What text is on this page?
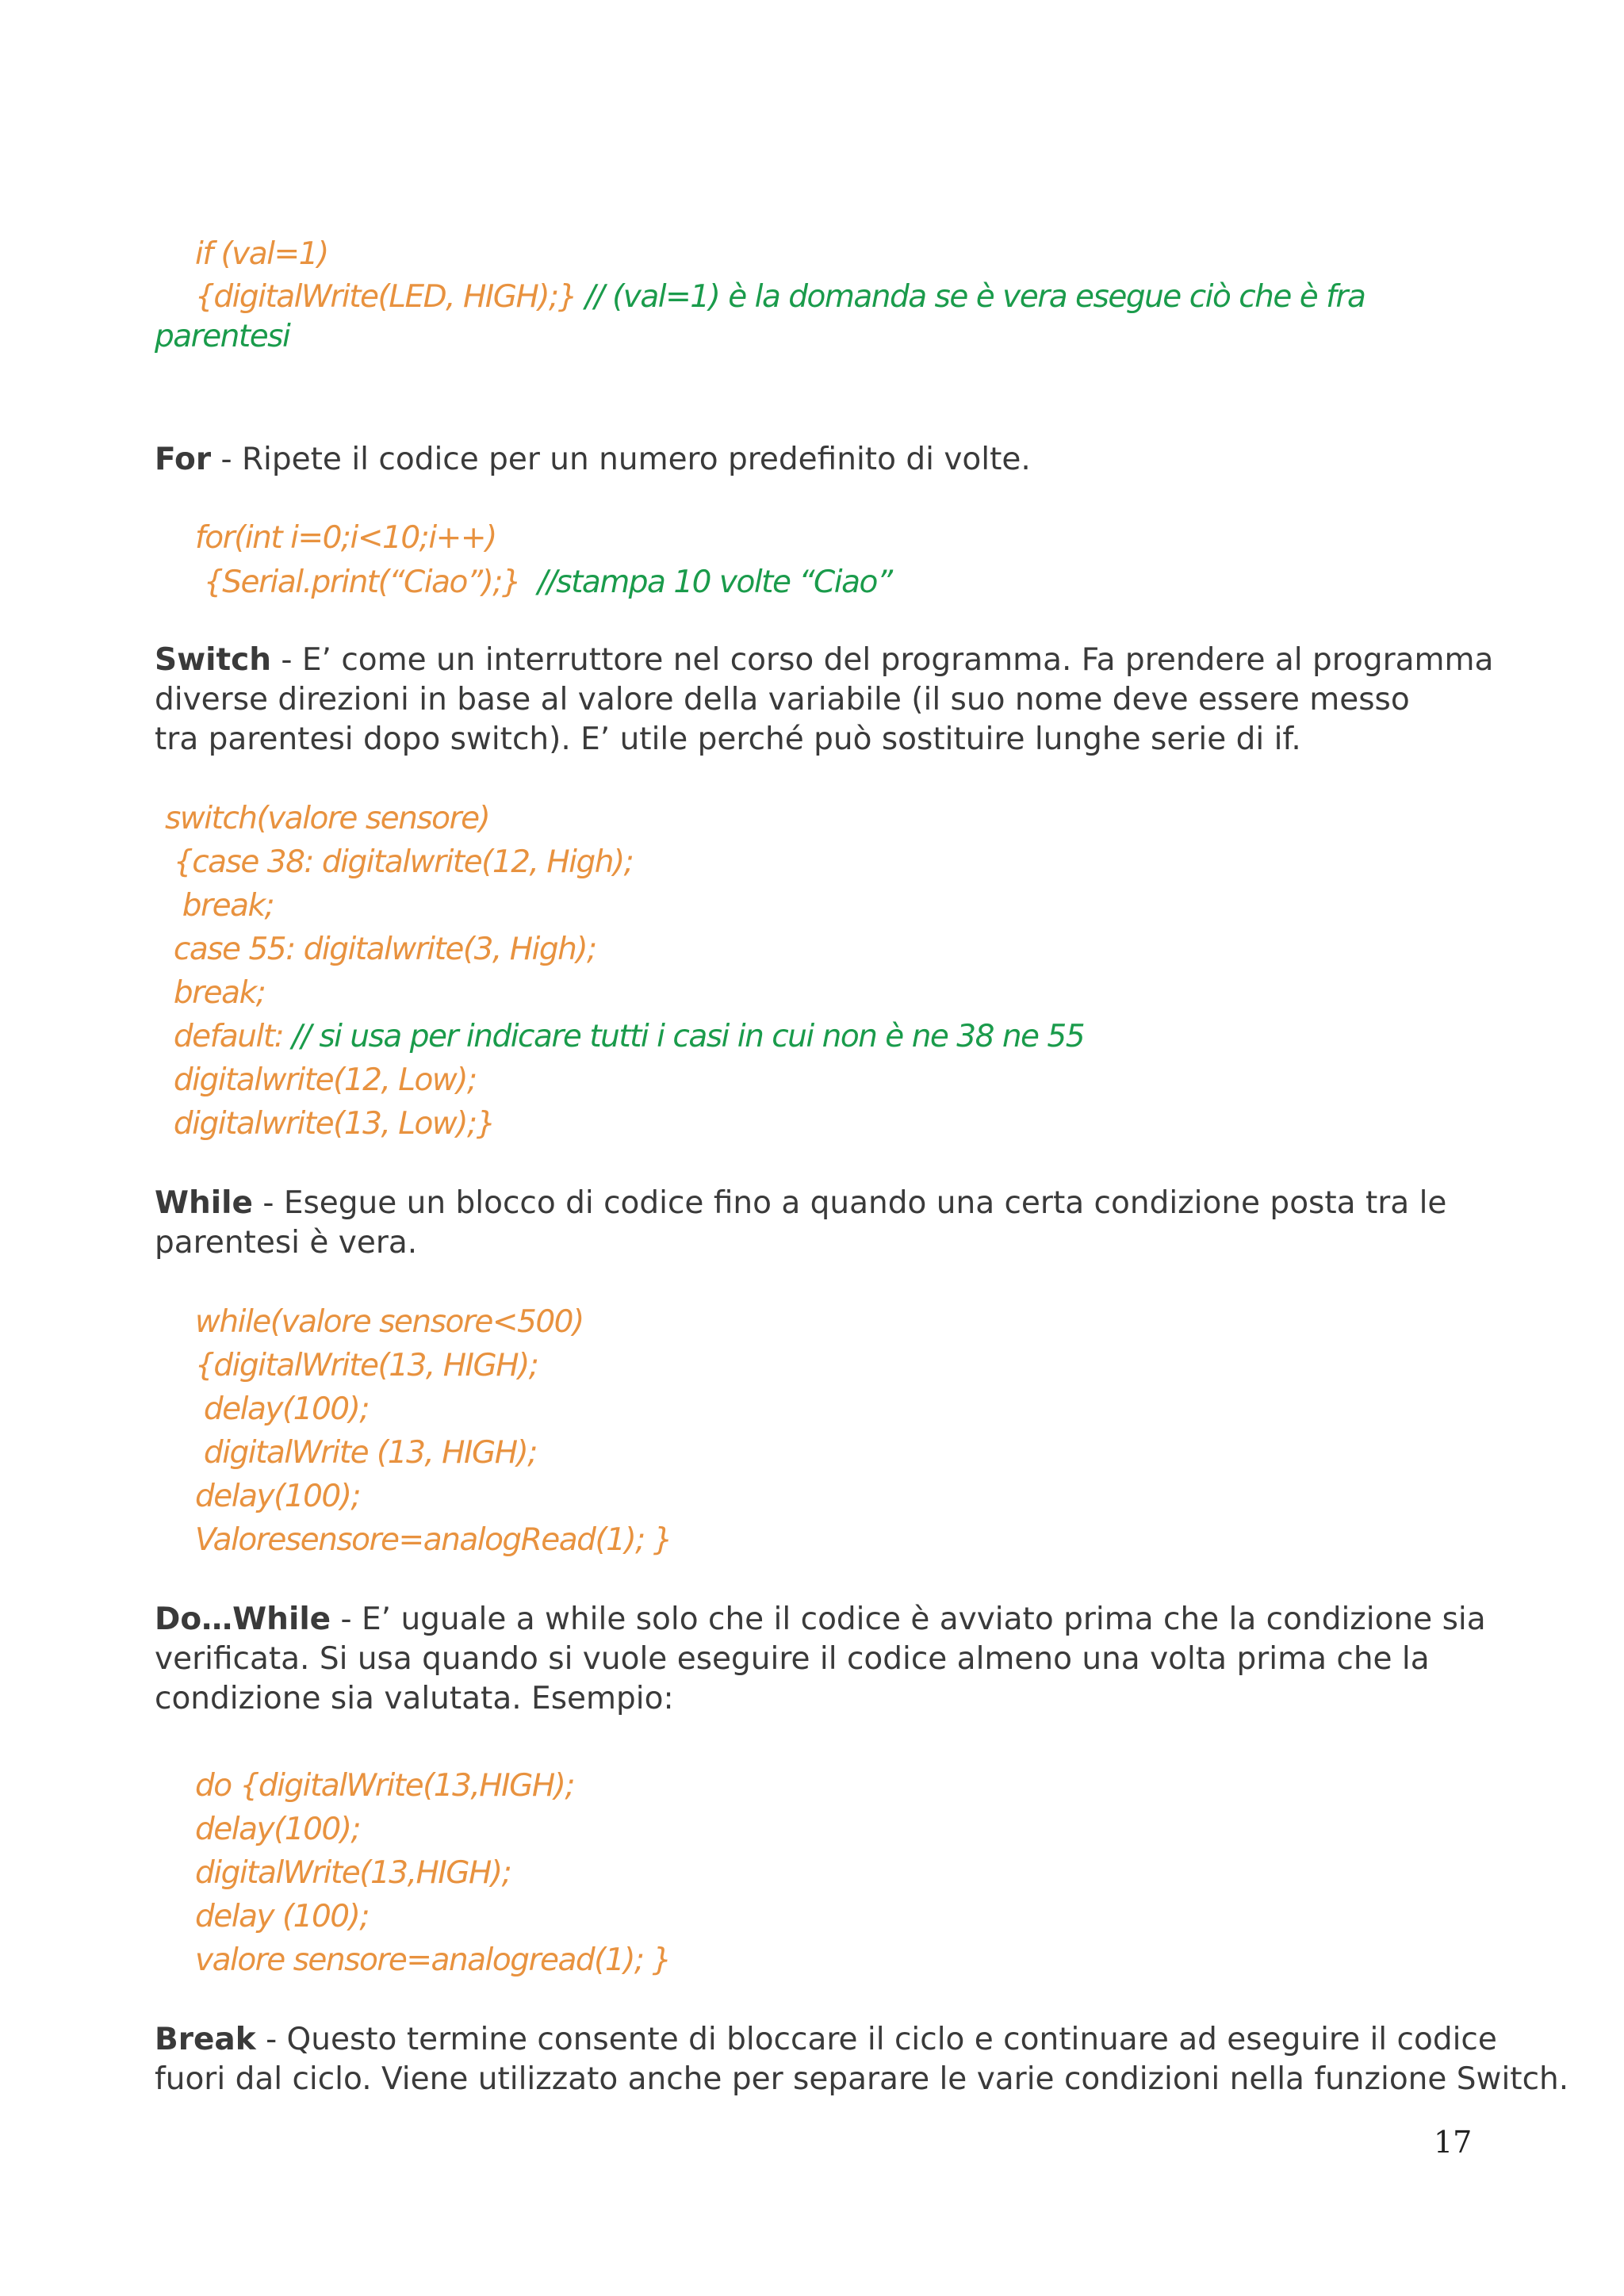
if (val=1)
{digitalWrite(LED, HIGH);} // (val=1) è la domanda se è vera esegue ciò che è fra
parentesi
For - Ripete il codice per un numero predefinito di volte.
for(int i=0;i<10;i++)
{Serial.print(“Ciao”);}  //stampa 10 volte “Ciao”
Switch - E’ come un interruttore nel corso del programma. Fa prendere al programma
diverse direzioni in base al valore della variabile (il suo nome deve essere messo
tra parentesi dopo switch). E’ utile perché può sostituire lunghe serie di if.
switch(valore sensore)
{case 38: digitalwrite(12, High);
break;
case 55: digitalwrite(3, High);
break;
default: // si usa per indicare tutti i casi in cui non è ne 38 ne 55
digitalwrite(12, Low);
digitalwrite(13, Low);}
While - Esegue un blocco di codice fino a quando una certa condizione posta tra le
parentesi è vera.
while(valore sensore<500)
{digitalWrite(13, HIGH);
delay(100);
digitalWrite (13, HIGH);
delay(100);
Valoresensore=analogRead(1); }
Do…While - E’ uguale a while solo che il codice è avviato prima che la condizione sia
verificata. Si usa quando si vuole eseguire il codice almeno una volta prima che la
condizione sia valutata. Esempio:
do {digitalWrite(13,HIGH);
delay(100);
digitalWrite(13,HIGH);
delay (100);
valore sensore=analogread(1); }
Break - Questo termine consente di bloccare il ciclo e continuare ad eseguire il codice
fuori dal ciclo. Viene utilizzato anche per separare le varie condizioni nella funzione Switch.
17
